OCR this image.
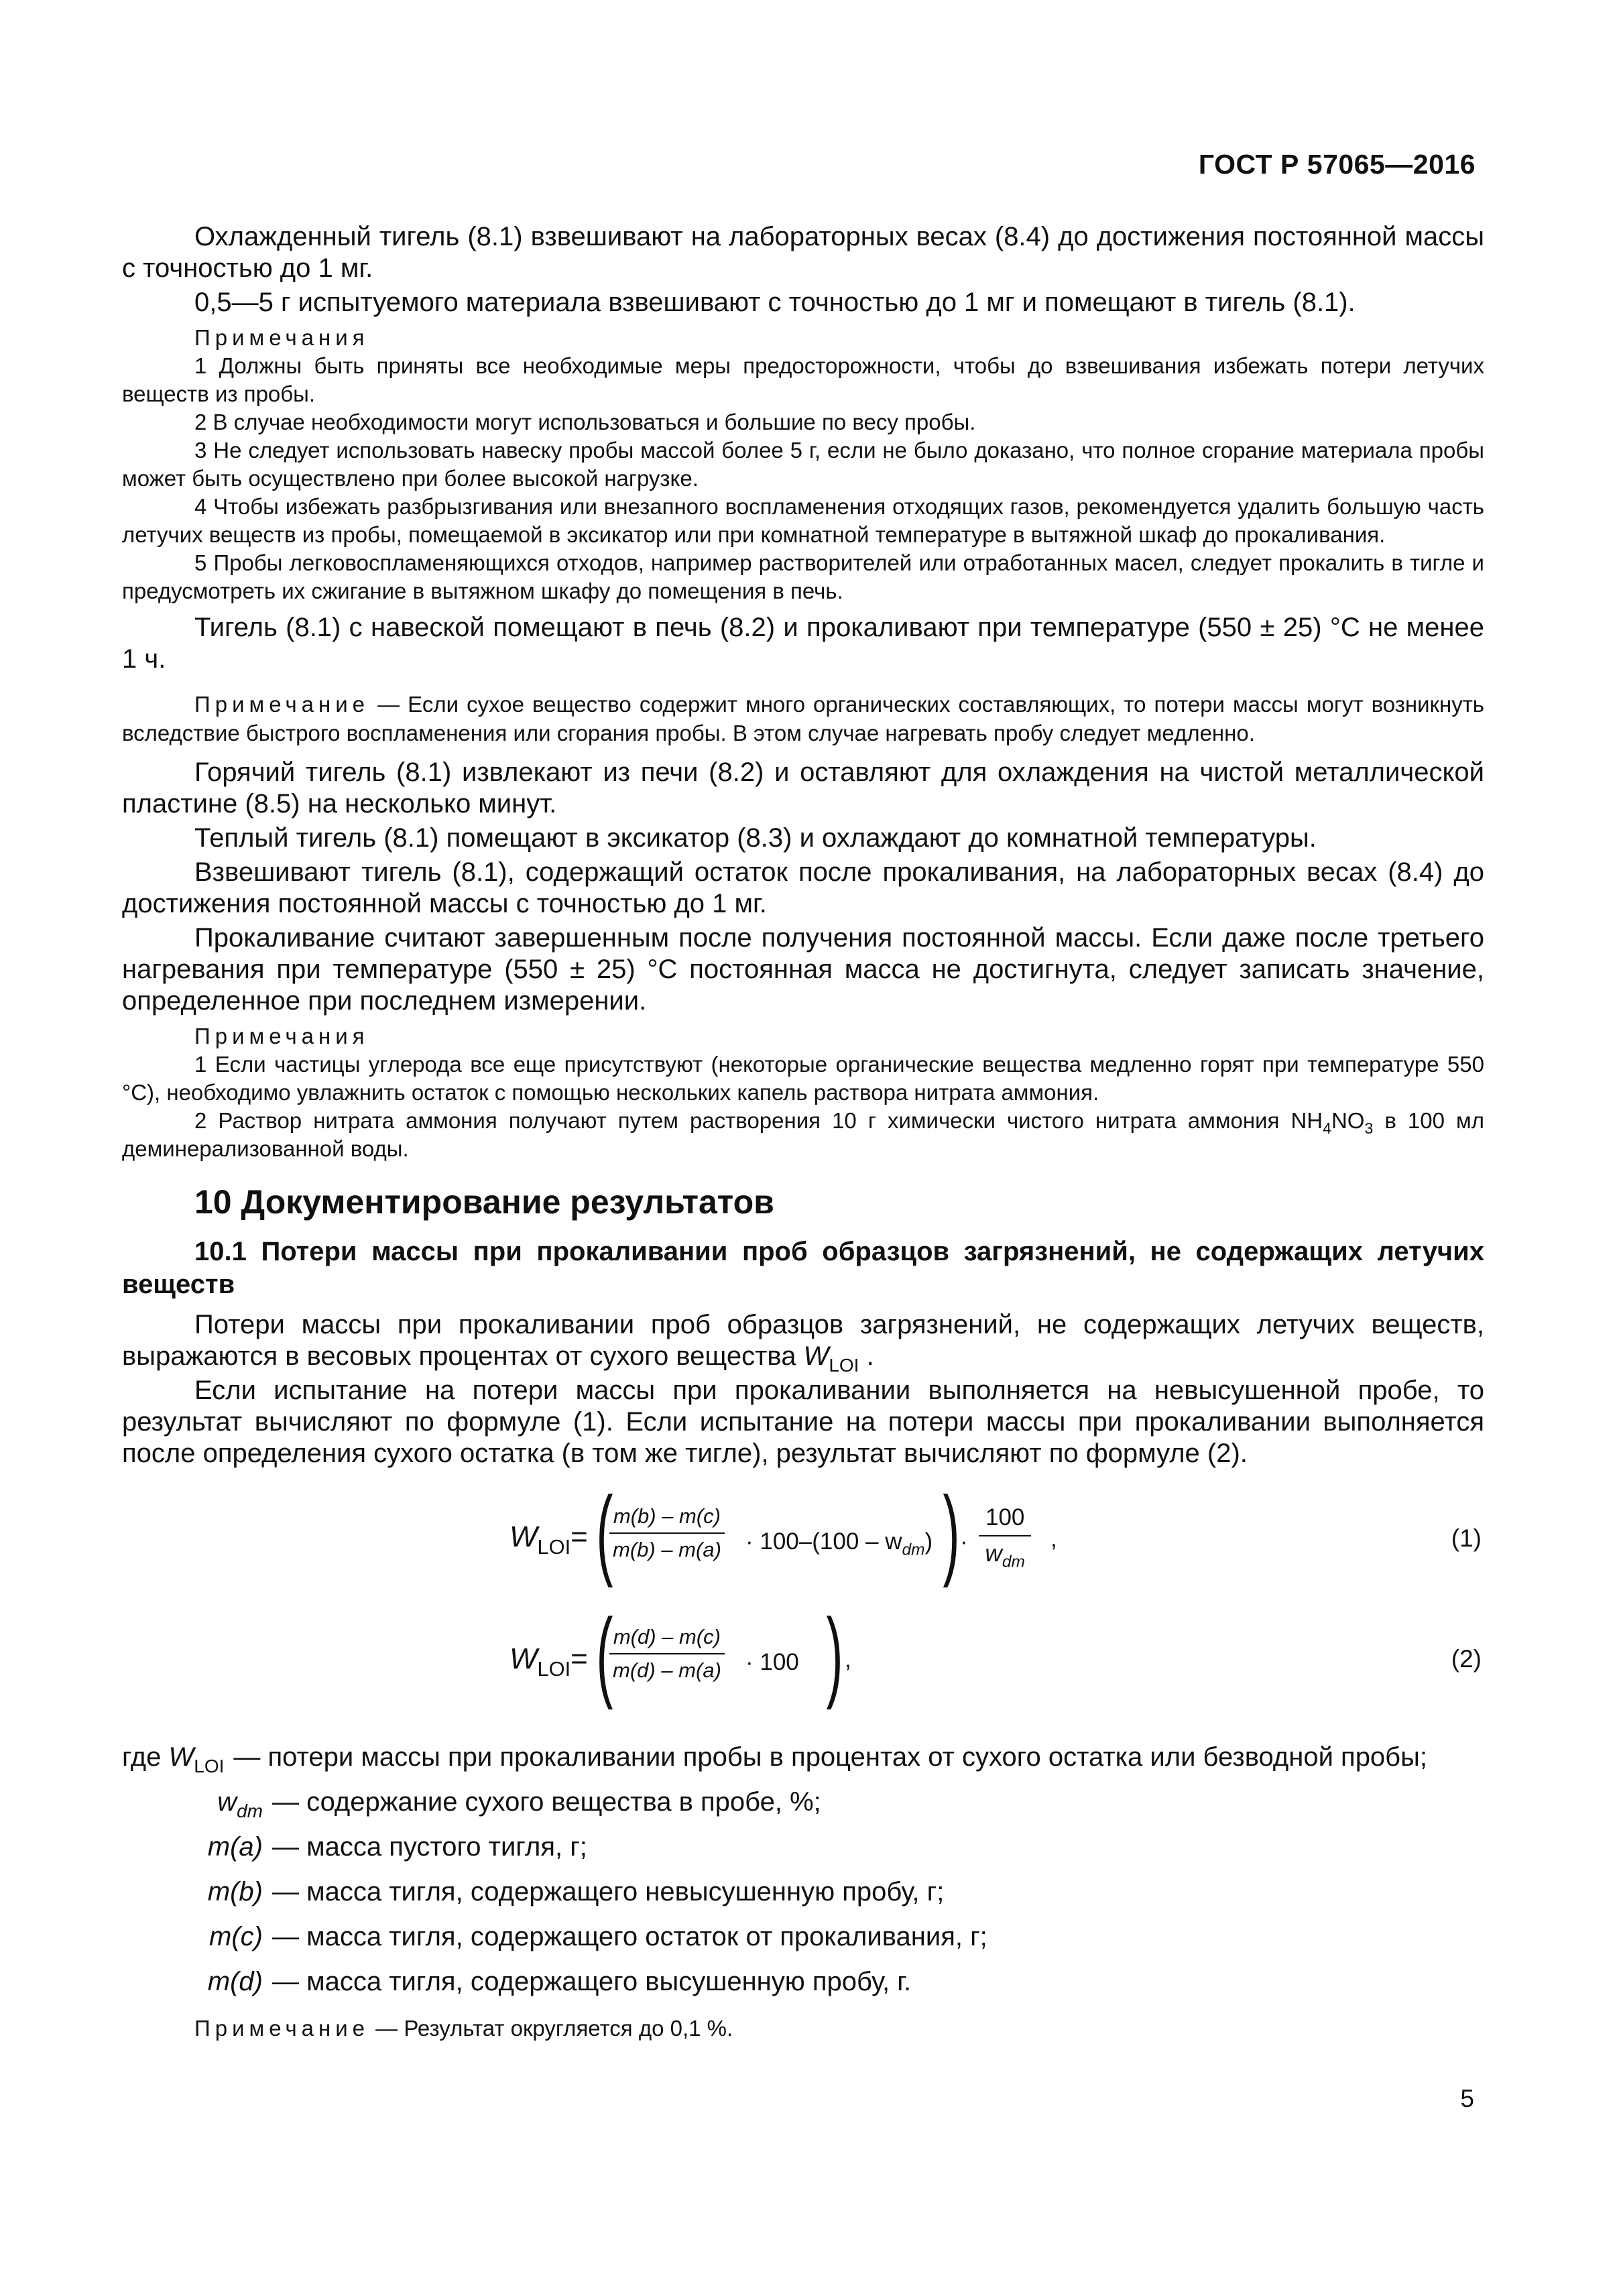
ГОСТ Р 57065—2016

Охлажденный тигель (8.1) взвешивают на лабораторных весах (8.4) до достижения постоянной массы с точностью до 1 мг.

0,5—5 г испытуемого материала взвешивают с точностью до 1 мг и помещают в тигель (8.1).

Примечания

1 Должны быть приняты все необходимые меры предосторожности, чтобы до взвешивания избежать потери летучих веществ из пробы.

2 В случае необходимости могут использоваться и большие по весу пробы.

3 Не следует использовать навеску пробы массой более 5 г, если не было доказано, что полное сгорание материала пробы может быть осуществлено при более высокой нагрузке.

4 Чтобы избежать разбрызгивания или внезапного воспламенения отходящих газов, рекомендуется удалить большую часть летучих веществ из пробы, помещаемой в эксикатор или при комнатной температуре в вытяжной шкаф до прокаливания.

5 Пробы легковоспламеняющихся отходов, например растворителей или отработанных масел, следует прокалить в тигле и предусмотреть их сжигание в вытяжном шкафу до помещения в печь.

Тигель (8.1) с навеской помещают в печь (8.2) и прокаливают при температуре (550 ± 25) °С не менее 1 ч.

Примечание — Если сухое вещество содержит много органических составляющих, то потери массы могут возникнуть вследствие быстрого воспламенения или сгорания пробы. В этом случае нагревать пробу следует медленно.

Горячий тигель (8.1) извлекают из печи (8.2) и оставляют для охлаждения на чистой металлической пластине (8.5) на несколько минут.

Теплый тигель (8.1) помещают в эксикатор (8.3) и охлаждают до комнатной температуры.

Взвешивают тигель (8.1), содержащий остаток после прокаливания, на лабораторных весах (8.4) до достижения постоянной массы с точностью до 1 мг.

Прокаливание считают завершенным после получения постоянной массы. Если даже после третьего нагревания при температуре (550 ± 25) °С постоянная масса не достигнута, следует записать значение, определенное при последнем измерении.

Примечания

1 Если частицы углерода все еще присутствуют (некоторые органические вещества медленно горят при температуре 550 °С), необходимо увлажнить остаток с помощью нескольких капель раствора нитрата аммония.

2 Раствор нитрата аммония получают путем растворения 10 г химически чистого нитрата аммония $NH_4NO_3$ в 100 мл деминерализованной воды.

10 Документирование результатов
10.1 Потери массы при прокаливании проб образцов загрязнений, не содержащих летучих веществ

Потери массы при прокаливании проб образцов загрязнений, не содержащих летучих веществ, выражаются в весовых процентах от сухого вещества $W_{LOI}$ .

Если испытание на потери массы при прокаливании выполняется на невысушенной пробе, то результат вычисляют по формуле (1). Если испытание на потери массы при прокаливании выполняется после определения сухого остатка (в том же тигле), результат вычисляют по формуле (2).

$W_{LOI}=$ (
$\frac{m(b) - m(c)}{m(b) - m(a)} \cdot 100-(100 - w_{dm})$ ) ·
100
$w_{dm}$
,	(1)
$W_{LOI}=$ (
$\frac{m(d) - m(c)}{m(d) - m(a)} \cdot 100$ ) ,	(2)
где $W_{LOI}$ — потери массы при прокаливании пробы в процентах от сухого остатка или безводной пробы;
$w_{dm}$ — содержание сухого вещества в пробе, %;
m(a) — масса пустого тигля, г;
m(b) — масса тигля, содержащего невысушенную пробу, г;
m(c) — масса тигля, содержащего остаток от прокаливания, г;
m(d) — масса тигля, содержащего высушенную пробу, г.

Примечание — Результат округляется до 0,1 %.

5
